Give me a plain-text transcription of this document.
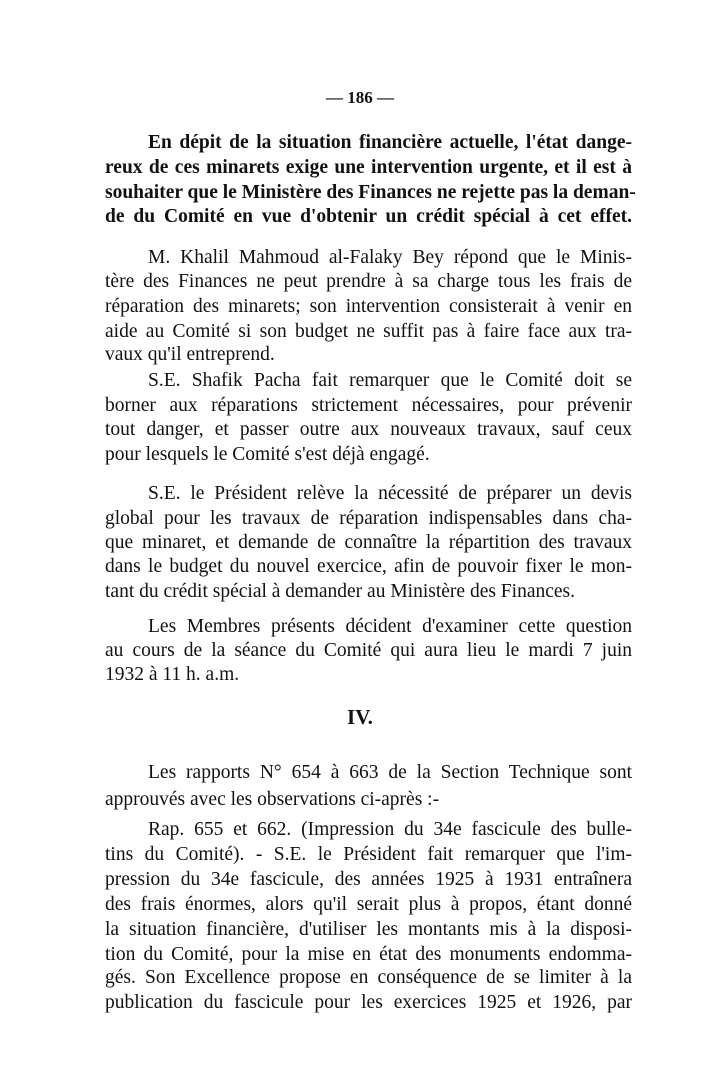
— 186 —
IV.
En dépit de la situation financière actuelle, l'état dange-
reux de ces minarets exige une intervention urgente, et il est à
souhaiter que le Ministère des Finances ne rejette pas la deman-
de du Comité en vue d'obtenir un crédit spécial à cet effet.
M. Khalil Mahmoud al-Falaky Bey répond que le Minis-
tère des Finances ne peut prendre à sa charge tous les frais de
réparation des minarets; son intervention consisterait à venir en
aide au Comité si son budget ne suffit pas à faire face aux tra-
vaux qu'il entreprend.
S.E. Shafik Pacha fait remarquer que le Comité doit se
borner aux réparations strictement nécessaires, pour prévenir
tout danger, et passer outre aux nouveaux travaux, sauf ceux
pour lesquels le Comité s'est déjà engagé.
S.E. le Président relève la nécessité de préparer un devis
global pour les travaux de réparation indispensables dans cha-
que minaret, et demande de connaître la répartition des travaux
dans le budget du nouvel exercice, afin de pouvoir fixer le mon-
tant du crédit spécial à demander au Ministère des Finances.
Les Membres présents décident d'examiner cette question
au cours de la séance du Comité qui aura lieu le mardi 7 juin
1932 à 11 h. a.m.
Les rapports N° 654 à 663 de la Section Technique sont
approuvés avec les observations ci-après :-
Rap. 655 et 662. (Impression du 34e fascicule des bulle-
tins du Comité). - S.E. le Président fait remarquer que l'im-
pression du 34e fascicule, des années 1925 à 1931 entraînera
des frais énormes, alors qu'il serait plus à propos, étant donné
la situation financière, d'utiliser les montants mis à la disposi-
tion du Comité, pour la mise en état des monuments endomma-
gés. Son Excellence propose en conséquence de se limiter à la
publication du fascicule pour les exercices 1925 et 1926, par
